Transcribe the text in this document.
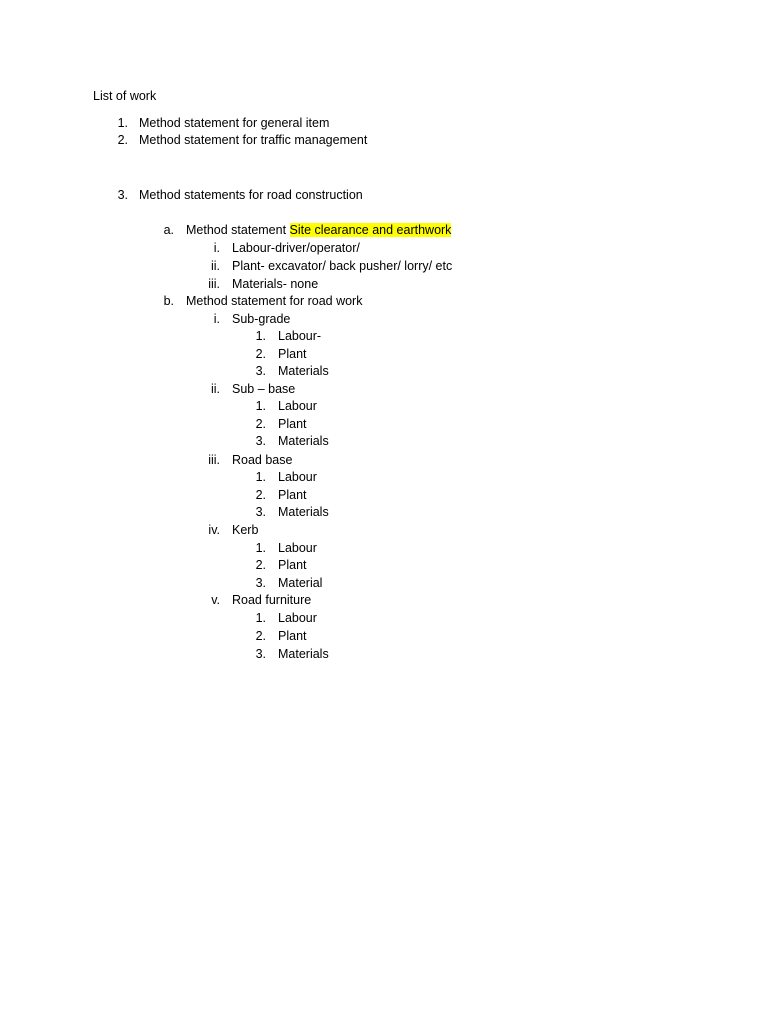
List of work
1. Method statement for general item
2. Method statement for traffic management
3. Method statements for road construction
a. Method statement Site clearance and earthwork
i. Labour-driver/operator/
ii. Plant- excavator/ back pusher/ lorry/ etc
iii. Materials- none
b. Method statement for road work
i. Sub-grade
1. Labour-
2. Plant
3. Materials
ii. Sub – base
1. Labour
2. Plant
3. Materials
iii. Road base
1. Labour
2. Plant
3. Materials
iv. Kerb
1. Labour
2. Plant
3. Material
v. Road furniture
1. Labour
2. Plant
3. Materials
